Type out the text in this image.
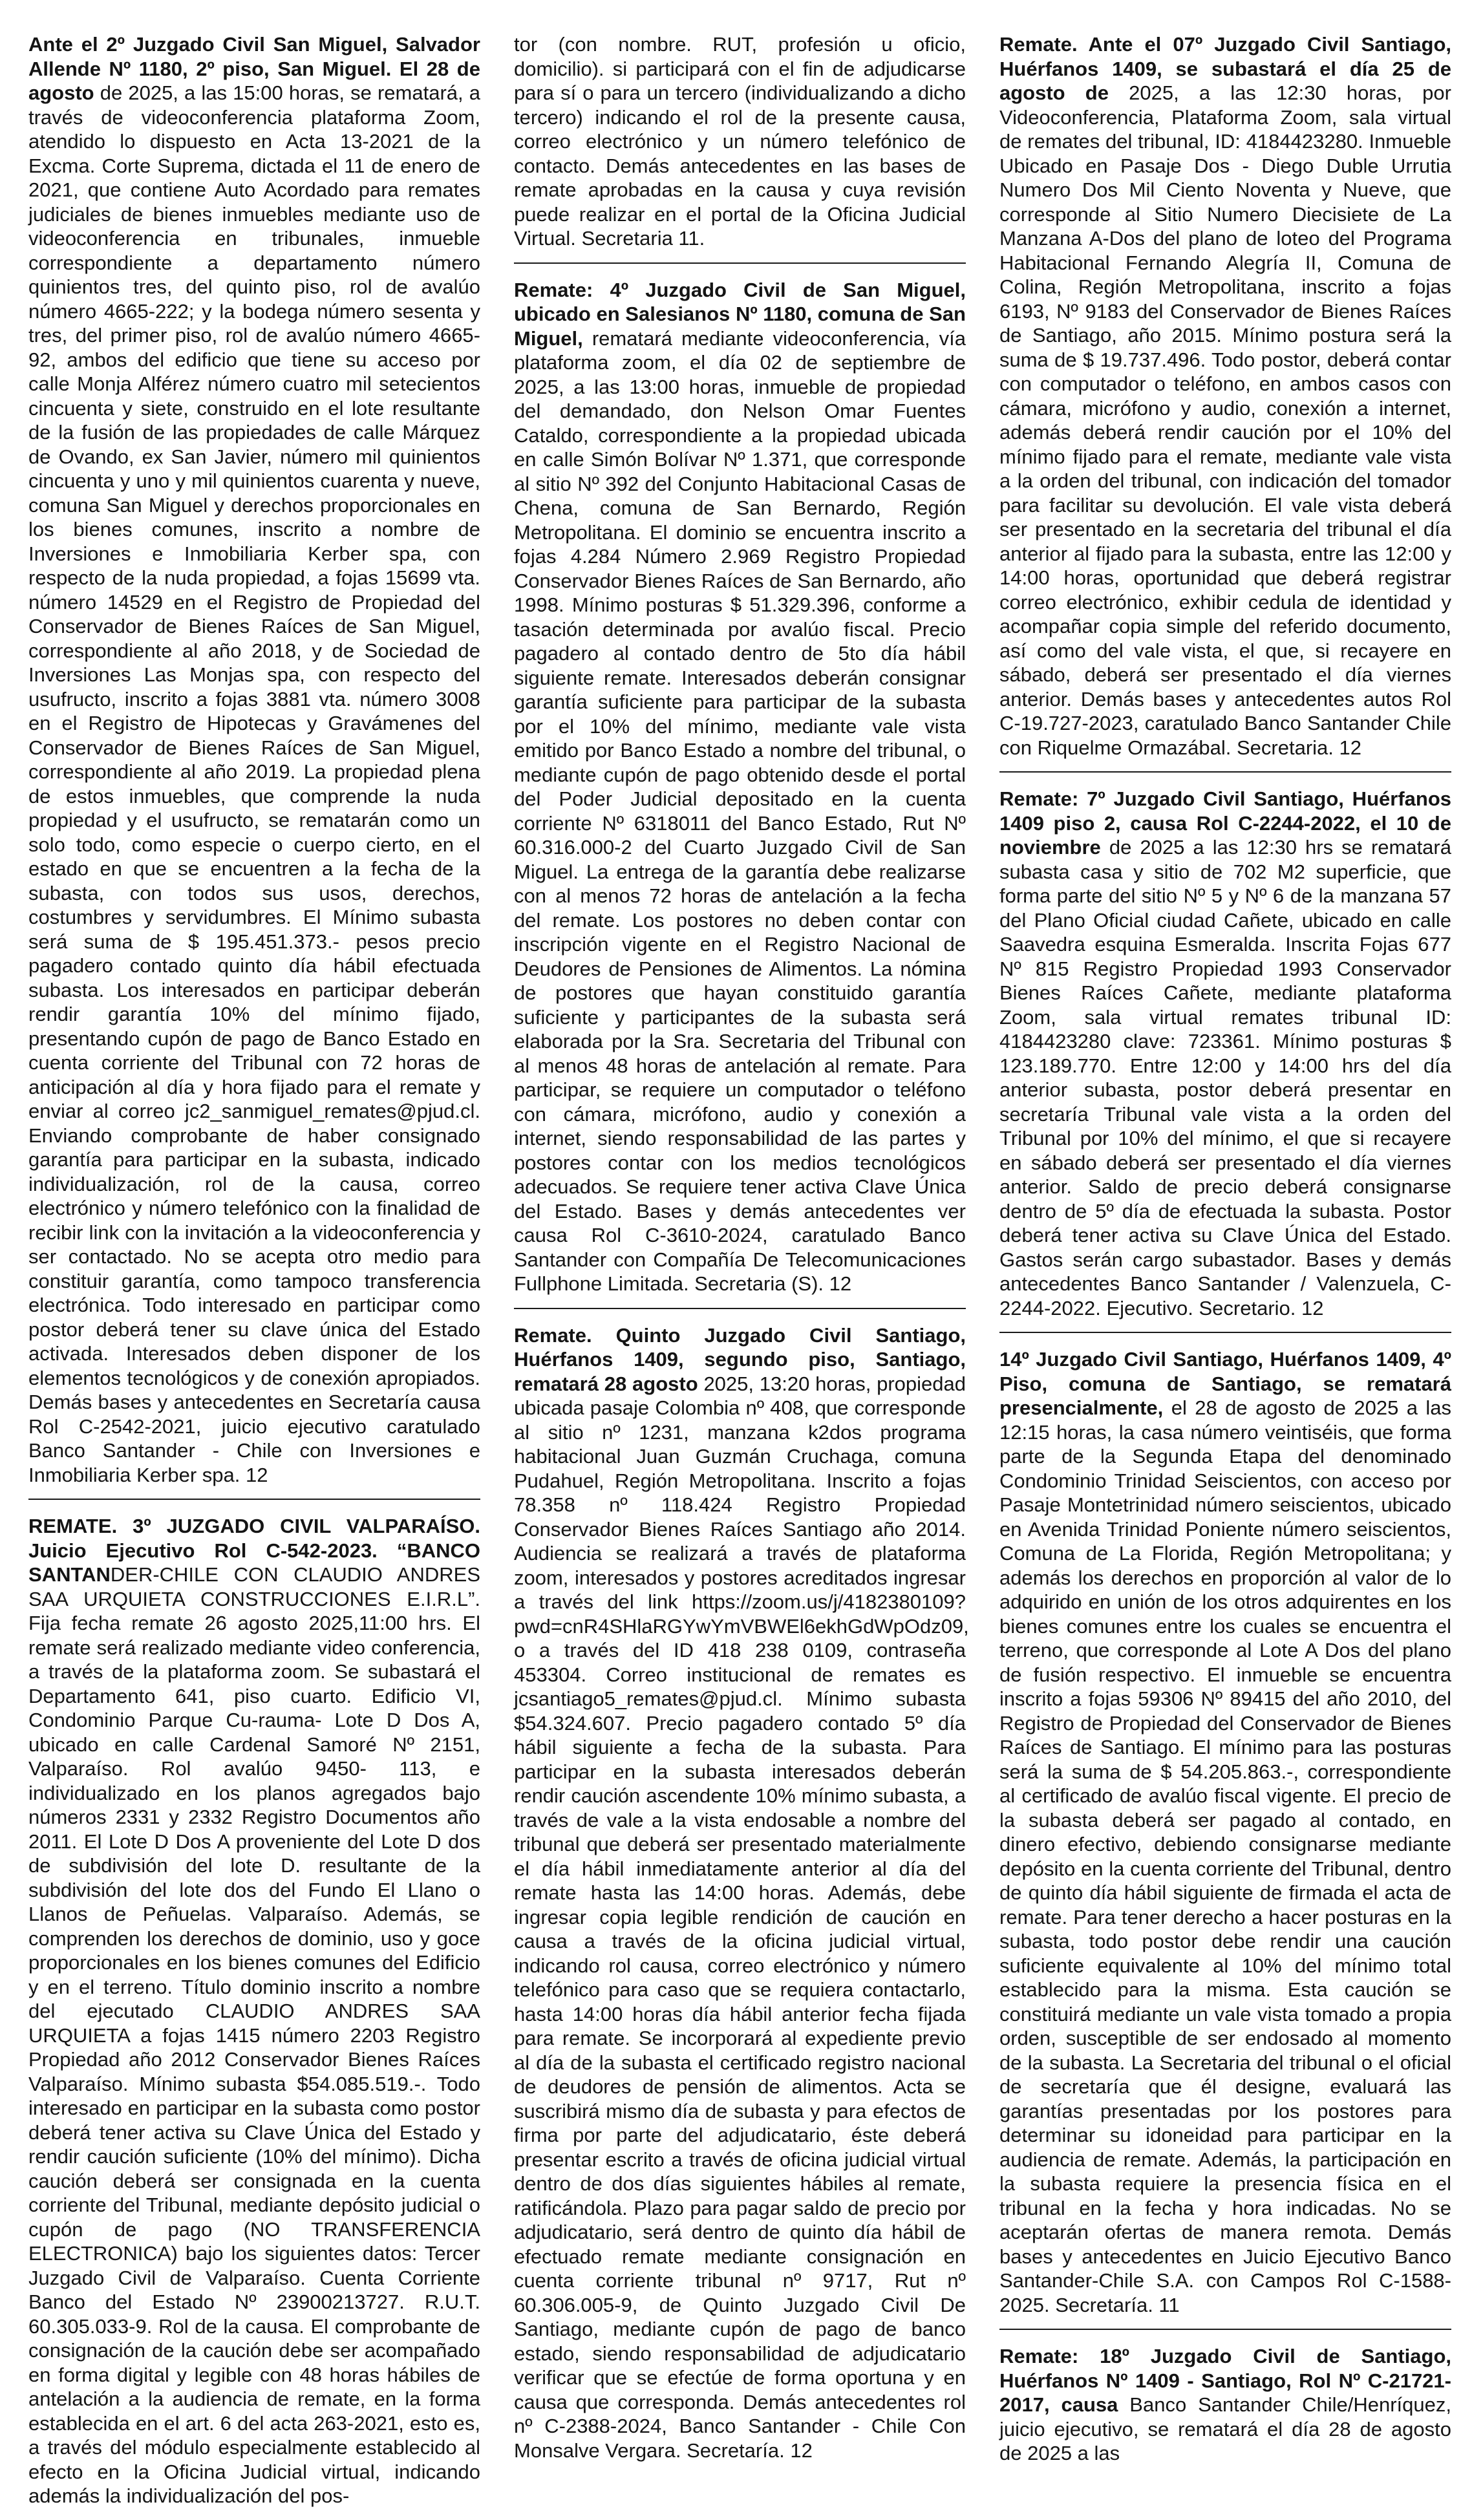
Ante el 2º Juzgado Civil San Miguel, Salvador Allende Nº 1180, 2º piso, San Miguel. El 28 de agosto de 2025, a las 15:00 horas, se rematará, a través de videoconferencia plataforma Zoom, atendido lo dispuesto en Acta 13-2021 de la Excma. Corte Suprema, dictada el 11 de enero de 2021, que contiene Auto Acordado para remates judiciales de bienes inmuebles mediante uso de videoconferencia en tribunales, inmueble correspondiente a departamento número quinientos tres, del quinto piso, rol de avalúo número 4665-222; y la bodega número sesenta y tres, del primer piso, rol de avalúo número 4665-92, ambos del edificio que tiene su acceso por calle Monja Alférez número cuatro mil setecientos cincuenta y siete, construido en el lote resultante de la fusión de las propiedades de calle Márquez de Ovando, ex San Javier, número mil quinientos cincuenta y uno y mil quinientos cuarenta y nueve, comuna San Miguel y derechos proporcionales en los bienes comunes, inscrito a nombre de Inversiones e Inmobiliaria Kerber spa, con respecto de la nuda propiedad, a fojas 15699 vta. número 14529 en el Registro de Propiedad del Conservador de Bienes Raíces de San Miguel, correspondiente al año 2018, y de Sociedad de Inversiones Las Monjas spa, con respecto del usufructo, inscrito a fojas 3881 vta. número 3008 en el Registro de Hipotecas y Gravámenes del Conservador de Bienes Raíces de San Miguel, correspondiente al año 2019. La propiedad plena de estos inmuebles, que comprende la nuda propiedad y el usufructo, se rematarán como un solo todo, como especie o cuerpo cierto, en el estado en que se encuentren a la fecha de la subasta, con todos sus usos, derechos, costumbres y servidumbres. El Mínimo subasta será suma de $ 195.451.373.- pesos precio pagadero contado quinto día hábil efectuada subasta. Los interesados en participar deberán rendir garantía 10% del mínimo fijado, presentando cupón de pago de Banco Estado en cuenta corriente del Tribunal con 72 horas de anticipación al día y hora fijado para el remate y enviar al correo jc2_sanmiguel_remates@pjud.cl. Enviando comprobante de haber consignado garantía para participar en la subasta, indicado individualización, rol de la causa, correo electrónico y número telefónico con la finalidad de recibir link con la invitación a la videoconferencia y ser contactado. No se acepta otro medio para constituir garantía, como tampoco transferencia electrónica. Todo interesado en participar como postor deberá tener su clave única del Estado activada. Interesados deben disponer de los elementos tecnológicos y de conexión apropiados. Demás bases y antecedentes en Secretaría causa Rol C-2542-2021, juicio ejecutivo caratulado Banco Santander - Chile con Inversiones e Inmobiliaria Kerber spa. 12
REMATE. 3º JUZGADO CIVIL VALPARAÍSO. Juicio Ejecutivo Rol C-542-2023. “BANCO SANTANDER-CHILE CON CLAUDIO ANDRES SAA URQUIETA CONSTRUCCIONES E.I.R.L”. Fija fecha remate 26 agosto 2025,11:00 hrs. El remate será realizado mediante video conferencia, a través de la plataforma zoom. Se subastará el Departamento 641, piso cuarto. Edificio VI, Condominio Parque Cu-rauma- Lote D Dos A, ubicado en calle Cardenal Samoré Nº 2151, Valparaíso. Rol avalúo 9450- 113, e individualizado en los planos agregados bajo números 2331 y 2332 Registro Documentos año 2011. El Lote D Dos A proveniente del Lote D dos de subdivisión del lote D. resultante de la subdivisión del lote dos del Fundo El Llano o Llanos de Peñuelas. Valparaíso. Además, se comprenden los derechos de dominio, uso y goce proporcionales en los bienes comunes del Edificio y en el terreno. Título dominio inscrito a nombre del ejecutado CLAUDIO ANDRES SAA URQUIETA a fojas 1415 número 2203 Registro Propiedad año 2012 Conservador Bienes Raíces Valparaíso. Mínimo subasta $54.085.519.-. Todo interesado en participar en la subasta como postor deberá tener activa su Clave Única del Estado y rendir caución suficiente (10% del mínimo). Dicha caución deberá ser consignada en la cuenta corriente del Tribunal, mediante depósito judicial o cupón de pago (NO TRANSFERENCIA ELECTRONICA) bajo los siguientes datos: Tercer Juzgado Civil de Valparaíso. Cuenta Corriente Banco del Estado Nº 23900213727. R.U.T. 60.305.033-9. Rol de la causa. El comprobante de consignación de la caución debe ser acompañado en forma digital y legible con 48 horas hábiles de antelación a la audiencia de remate, en la forma establecida en el art. 6 del acta 263-2021, esto es, a través del módulo especialmente establecido al efecto en la Oficina Judicial virtual, indicando además la individualización del pos-
tor (con nombre. RUT, profesión u oficio, domicilio). si participará con el fin de adjudicarse para sí o para un tercero (individualizando a dicho tercero) indicando el rol de la presente causa, correo electrónico y un número telefónico de contacto. Demás antecedentes en las bases de remate aprobadas en la causa y cuya revisión puede realizar en el portal de la Oficina Judicial Virtual. Secretaria 11.
Remate: 4º Juzgado Civil de San Miguel, ubicado en Salesianos Nº 1180, comuna de San Miguel, rematará mediante videoconferencia, vía plataforma zoom, el día 02 de septiembre de 2025, a las 13:00 horas, inmueble de propiedad del demandado, don Nelson Omar Fuentes Cataldo, correspondiente a la propiedad ubicada en calle Simón Bolívar Nº 1.371, que corresponde al sitio Nº 392 del Conjunto Habitacional Casas de Chena, comuna de San Bernardo, Región Metropolitana. El dominio se encuentra inscrito a fojas 4.284 Número 2.969 Registro Propiedad Conservador Bienes Raíces de San Bernardo, año 1998. Mínimo posturas $ 51.329.396, conforme a tasación determinada por avalúo fiscal. Precio pagadero al contado dentro de 5to día hábil siguiente remate. Interesados deberán consignar garantía suficiente para participar de la subasta por el 10% del mínimo, mediante vale vista emitido por Banco Estado a nombre del tribunal, o mediante cupón de pago obtenido desde el portal del Poder Judicial depositado en la cuenta corriente Nº 6318011 del Banco Estado, Rut Nº 60.316.000-2 del Cuarto Juzgado Civil de San Miguel. La entrega de la garantía debe realizarse con al menos 72 horas de antelación a la fecha del remate. Los postores no deben contar con inscripción vigente en el Registro Nacional de Deudores de Pensiones de Alimentos. La nómina de postores que hayan constituido garantía suficiente y participantes de la subasta será elaborada por la Sra. Secretaria del Tribunal con al menos 48 horas de antelación al remate. Para participar, se requiere un computador o teléfono con cámara, micrófono, audio y conexión a internet, siendo responsabilidad de las partes y postores contar con los medios tecnológicos adecuados. Se requiere tener activa Clave Única del Estado. Bases y demás antecedentes ver causa Rol C-3610-2024, caratulado Banco Santander con Compañía De Telecomunicaciones Fullphone Limitada. Secretaria (S). 12
Remate. Quinto Juzgado Civil Santiago, Huérfanos 1409, segundo piso, Santiago, rematará 28 agosto 2025, 13:20 horas, propiedad ubicada pasaje Colombia nº 408, que corresponde al sitio nº 1231, manzana k2dos programa habitacional Juan Guzmán Cruchaga, comuna Pudahuel, Región Metropolitana. Inscrito a fojas 78.358 nº 118.424 Registro Propiedad Conservador Bienes Raíces Santiago año 2014. Audiencia se realizará a través de plataforma zoom, interesados y postores acreditados ingresar a través del link https://zoom.us/j/4182380109?pwd=cnR4SHlaRGYwYmVBWEl6ekhGdWpOdz09, o a través del ID 418 238 0109, contraseña 453304. Correo institucional de remates es jcsantiago5_remates@pjud.cl. Mínimo subasta $54.324.607. Precio pagadero contado 5º día hábil siguiente a fecha de la subasta. Para participar en la subasta interesados deberán rendir caución ascendente 10% mínimo subasta, a través de vale a la vista endosable a nombre del tribunal que deberá ser presentado materialmente el día hábil inmediatamente anterior al día del remate hasta las 14:00 horas. Además, debe ingresar copia legible rendición de caución en causa a través de la oficina judicial virtual, indicando rol causa, correo electrónico y número telefónico para caso que se requiera contactarlo, hasta 14:00 horas día hábil anterior fecha fijada para remate. Se incorporará al expediente previo al día de la subasta el certificado registro nacional de deudores de pensión de alimentos. Acta se suscribirá mismo día de subasta y para efectos de firma por parte del adjudicatario, éste deberá presentar escrito a través de oficina judicial virtual dentro de dos días siguientes hábiles al remate, ratificándola. Plazo para pagar saldo de precio por adjudicatario, será dentro de quinto día hábil de efectuado remate mediante consignación en cuenta corriente tribunal nº 9717, Rut nº 60.306.005-9, de Quinto Juzgado Civil De Santiago, mediante cupón de pago de banco estado, siendo responsabilidad de adjudicatario verificar que se efectúe de forma oportuna y en causa que corresponda. Demás antecedentes rol nº C-2388-2024, Banco Santander - Chile Con Monsalve Vergara. Secretaría. 12
Remate. Ante el 07º Juzgado Civil Santiago, Huérfanos 1409, se subastará el día 25 de agosto de 2025, a las 12:30 horas, por Videoconferencia, Plataforma Zoom, sala virtual de remates del tribunal, ID: 4184423280. Inmueble Ubicado en Pasaje Dos - Diego Duble Urrutia Numero Dos Mil Ciento Noventa y Nueve, que corresponde al Sitio Numero Diecisiete de La Manzana A-Dos del plano de loteo del Programa Habitacional Fernando Alegría II, Comuna de Colina, Región Metropolitana, inscrito a fojas 6193, Nº 9183 del Conservador de Bienes Raíces de Santiago, año 2015. Mínimo postura será la suma de $ 19.737.496. Todo postor, deberá contar con computador o teléfono, en ambos casos con cámara, micrófono y audio, conexión a internet, además deberá rendir caución por el 10% del mínimo fijado para el remate, mediante vale vista a la orden del tribunal, con indicación del tomador para facilitar su devolución. El vale vista deberá ser presentado en la secretaria del tribunal el día anterior al fijado para la subasta, entre las 12:00 y 14:00 horas, oportunidad que deberá registrar correo electrónico, exhibir cedula de identidad y acompañar copia simple del referido documento, así como del vale vista, el que, si recayere en sábado, deberá ser presentado el día viernes anterior. Demás bases y antecedentes autos Rol C-19.727-2023, caratulado Banco Santander Chile con Riquelme Ormazábal. Secretaria. 12
Remate: 7º Juzgado Civil Santiago, Huérfanos 1409 piso 2, causa Rol C-2244-2022, el 10 de noviembre de 2025 a las 12:30 hrs se rematará subasta casa y sitio de 702 M2 superficie, que forma parte del sitio Nº 5 y Nº 6 de la manzana 57 del Plano Oficial ciudad Cañete, ubicado en calle Saavedra esquina Esmeralda. Inscrita Fojas 677 Nº 815 Registro Propiedad 1993 Conservador Bienes Raíces Cañete, mediante plataforma Zoom, sala virtual remates tribunal ID: 4184423280 clave: 723361. Mínimo posturas $ 123.189.770. Entre 12:00 y 14:00 hrs del día anterior subasta, postor deberá presentar en secretaría Tribunal vale vista a la orden del Tribunal por 10% del mínimo, el que si recayere en sábado deberá ser presentado el día viernes anterior. Saldo de precio deberá consignarse dentro de 5º día de efectuada la subasta. Postor deberá tener activa su Clave Única del Estado. Gastos serán cargo subastador. Bases y demás antecedentes Banco Santander / Valenzuela, C-2244-2022. Ejecutivo. Secretario. 12
14º Juzgado Civil Santiago, Huérfanos 1409, 4º Piso, comuna de Santiago, se rematará presencialmente, el 28 de agosto de 2025 a las 12:15 horas, la casa número veintiséis, que forma parte de la Segunda Etapa del denominado Condominio Trinidad Seiscientos, con acceso por Pasaje Montetrinidad número seiscientos, ubicado en Avenida Trinidad Poniente número seiscientos, Comuna de La Florida, Región Metropolitana; y además los derechos en proporción al valor de lo adquirido en unión de los otros adquirentes en los bienes comunes entre los cuales se encuentra el terreno, que corresponde al Lote A Dos del plano de fusión respectivo. El inmueble se encuentra inscrito a fojas 59306 Nº 89415 del año 2010, del Registro de Propiedad del Conservador de Bienes Raíces de Santiago. El mínimo para las posturas será la suma de $ 54.205.863.-, correspondiente al certificado de avalúo fiscal vigente. El precio de la subasta deberá ser pagado al contado, en dinero efectivo, debiendo consignarse mediante depósito en la cuenta corriente del Tribunal, dentro de quinto día hábil siguiente de firmada el acta de remate. Para tener derecho a hacer posturas en la subasta, todo postor debe rendir una caución suficiente equivalente al 10% del mínimo total establecido para la misma. Esta caución se constituirá mediante un vale vista tomado a propia orden, susceptible de ser endosado al momento de la subasta. La Secretaria del tribunal o el oficial de secretaría que él designe, evaluará las garantías presentadas por los postores para determinar su idoneidad para participar en la audiencia de remate. Además, la participación en la subasta requiere la presencia física en el tribunal en la fecha y hora indicadas. No se aceptarán ofertas de manera remota. Demás bases y antecedentes en Juicio Ejecutivo Banco Santander-Chile S.A. con Campos Rol C-1588-2025. Secretaría. 11
Remate: 18º Juzgado Civil de Santiago, Huérfanos Nº 1409 - Santiago, Rol Nº C-21721-2017, causa Banco Santander Chile/Henríquez, juicio ejecutivo, se rematará el día 28 de agosto de 2025 a las
